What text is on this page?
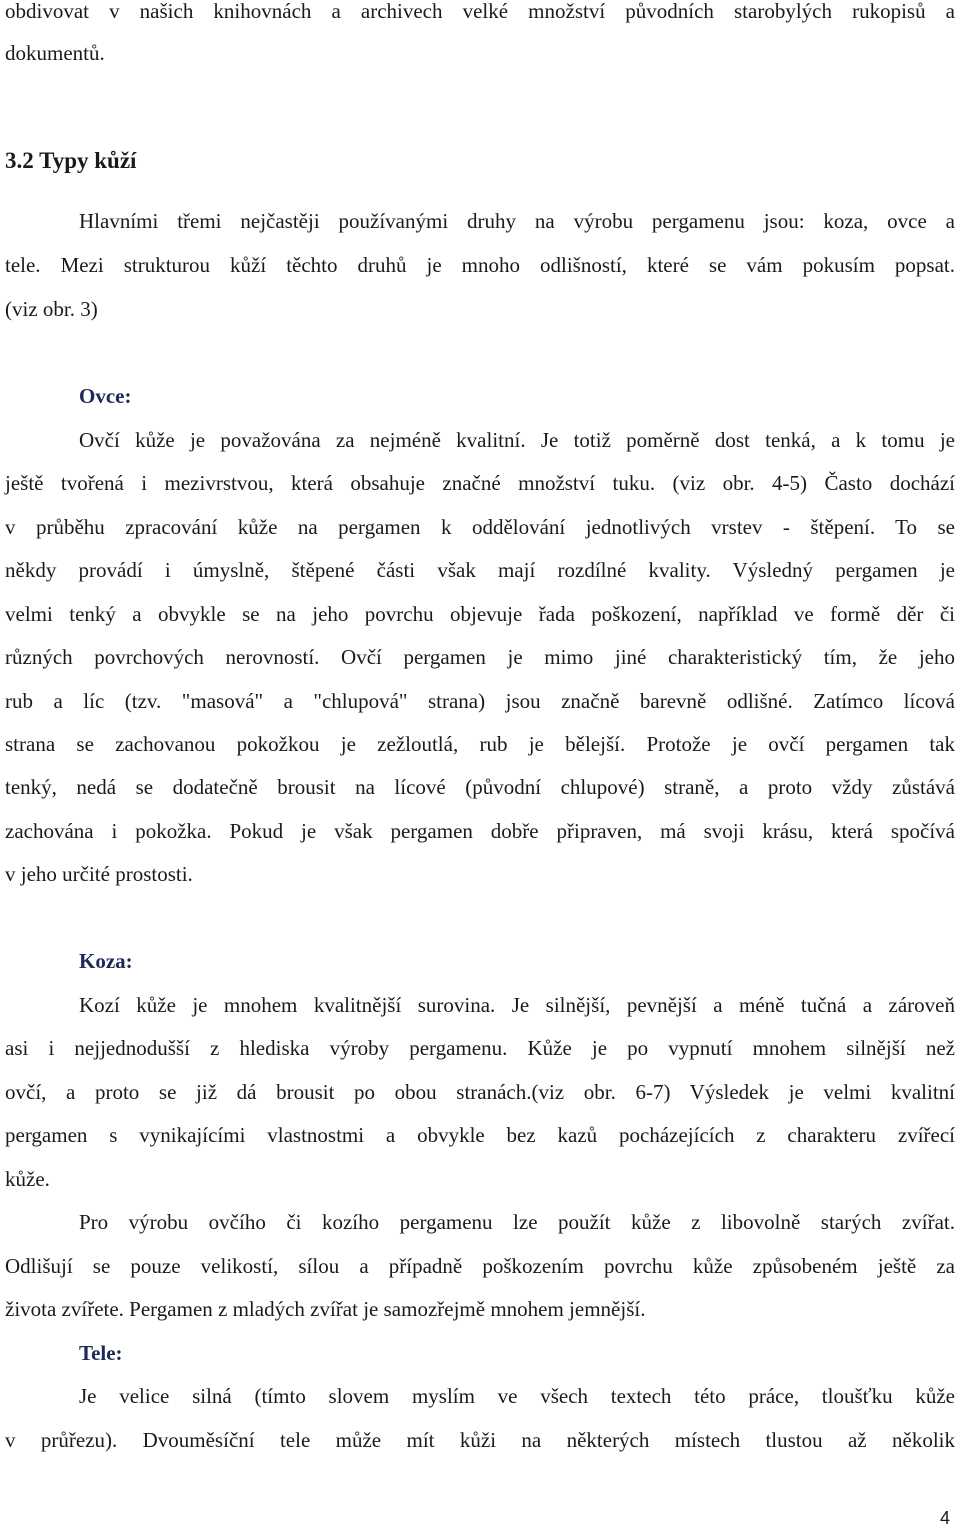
obdivovat v našich knihovnách a archivech velké množství původních starobylých rukopisů a
dokumentů.
3.2 Typy kůží
Hlavními třemi nejčastěji používanými druhy na výrobu pergamenu jsou: koza, ovce a
tele. Mezi strukturou kůží těchto druhů je mnoho odlišností, které se vám pokusím popsat.
(viz obr. 3)
Ovce:
Ovčí kůže je považována za nejméně kvalitní. Je totiž poměrně dost tenká, a k tomu je
ještě tvořená i mezivrstvou, která obsahuje značné množství tuku. (viz obr. 4-5) Často dochází
v průběhu zpracování kůže na pergamen k oddělování jednotlivých vrstev - štěpení. To se
někdy provádí i úmyslně, štěpené části však mají rozdílné kvality. Výsledný pergamen je
velmi tenký a obvykle se na jeho povrchu objevuje řada poškození, například ve formě děr či
různých povrchových nerovností. Ovčí pergamen je mimo jiné charakteristický tím, že jeho
rub a líc (tzv. "masová" a "chlupová" strana) jsou značně barevně odlišné. Zatímco lícová
strana se zachovanou pokožkou je zežloutlá, rub je bělejší. Protože je ovčí pergamen tak
tenký, nedá se dodatečně brousit na lícové (původní chlupové) straně, a proto vždy zůstává
zachována i pokožka. Pokud je však pergamen dobře připraven, má svoji krásu, která spočívá
v jeho určité prostosti.
Koza:
Kozí kůže je mnohem kvalitnější surovina. Je silnější, pevnější a méně tučná a zároveň
asi i nejjednodušší z hlediska výroby pergamenu. Kůže je po vypnutí mnohem silnější než
ovčí, a proto se již dá brousit po obou stranách.(viz obr. 6-7) Výsledek je velmi kvalitní
pergamen s vynikajícími vlastnostmi a obvykle bez kazů pocházejících z charakteru zvířecí
kůže.
Pro výrobu ovčího či kozího pergamenu lze použít kůže z libovolně starých zvířat.
Odlišují se pouze velikostí, sílou a případně poškozením povrchu kůže způsobeném ještě za
života zvířete. Pergamen z mladých zvířat je samozřejmě mnohem jemnější.
Tele:
Je velice silná (tímto slovem myslím ve všech textech této práce, tloušťku kůže
v průřezu). Dvouměsíční tele může mít kůži na některých místech tlustou až několik
4
